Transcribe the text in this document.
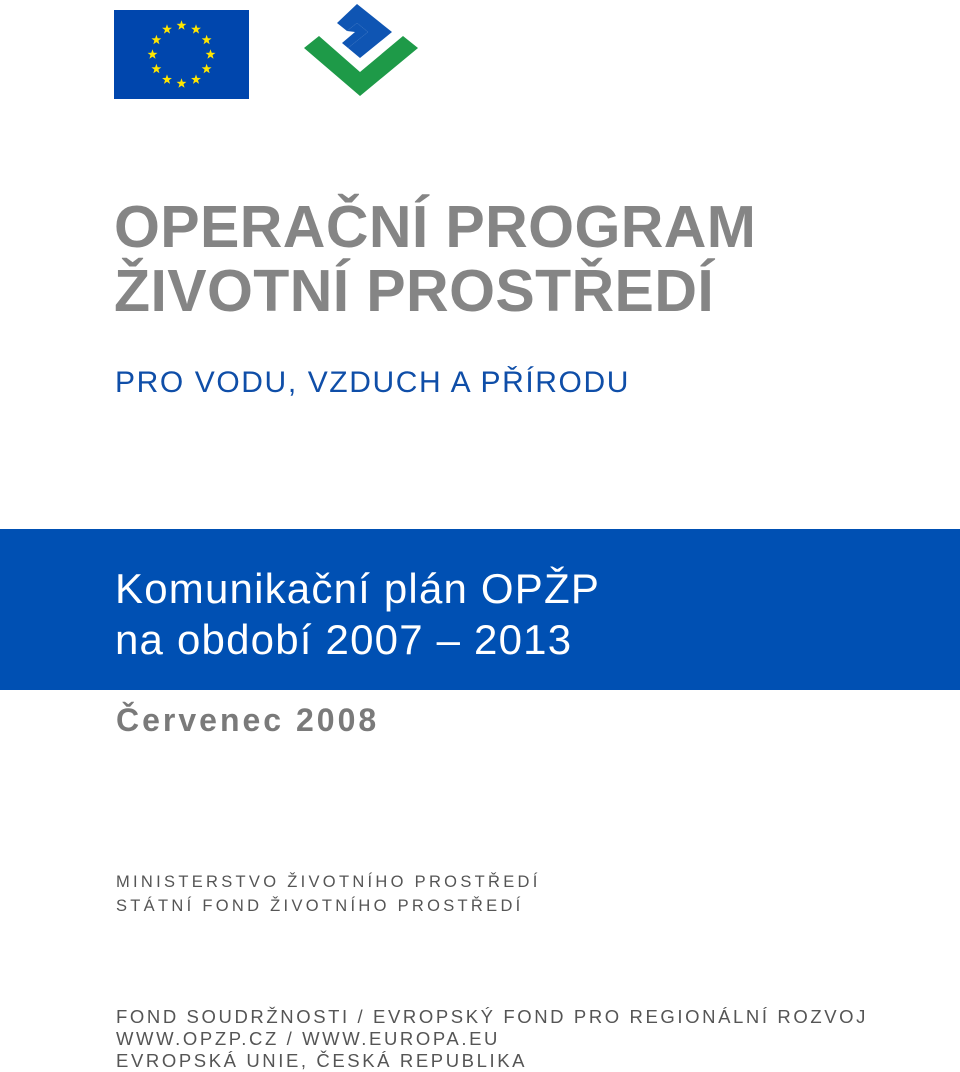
OPERAČNÍ PROGRAM
ŽIVOTNÍ PROSTŘEDÍ
PRO VODU, VZDUCH A PŘÍRODU
Komunikační plán OPŽP
na období 2007 – 2013
Červenec 2008
MINISTERSTVO ŽIVOTNÍHO PROSTŘEDÍ
STÁTNÍ FOND ŽIVOTNÍHO PROSTŘEDÍ
FOND SOUDRŽNOSTI / EVROPSKÝ FOND PRO REGIONÁLNÍ ROZVOJ
WWW.OPZP.CZ / WWW.EUROPA.EU
EVROPSKÁ UNIE, ČESKÁ REPUBLIKA
